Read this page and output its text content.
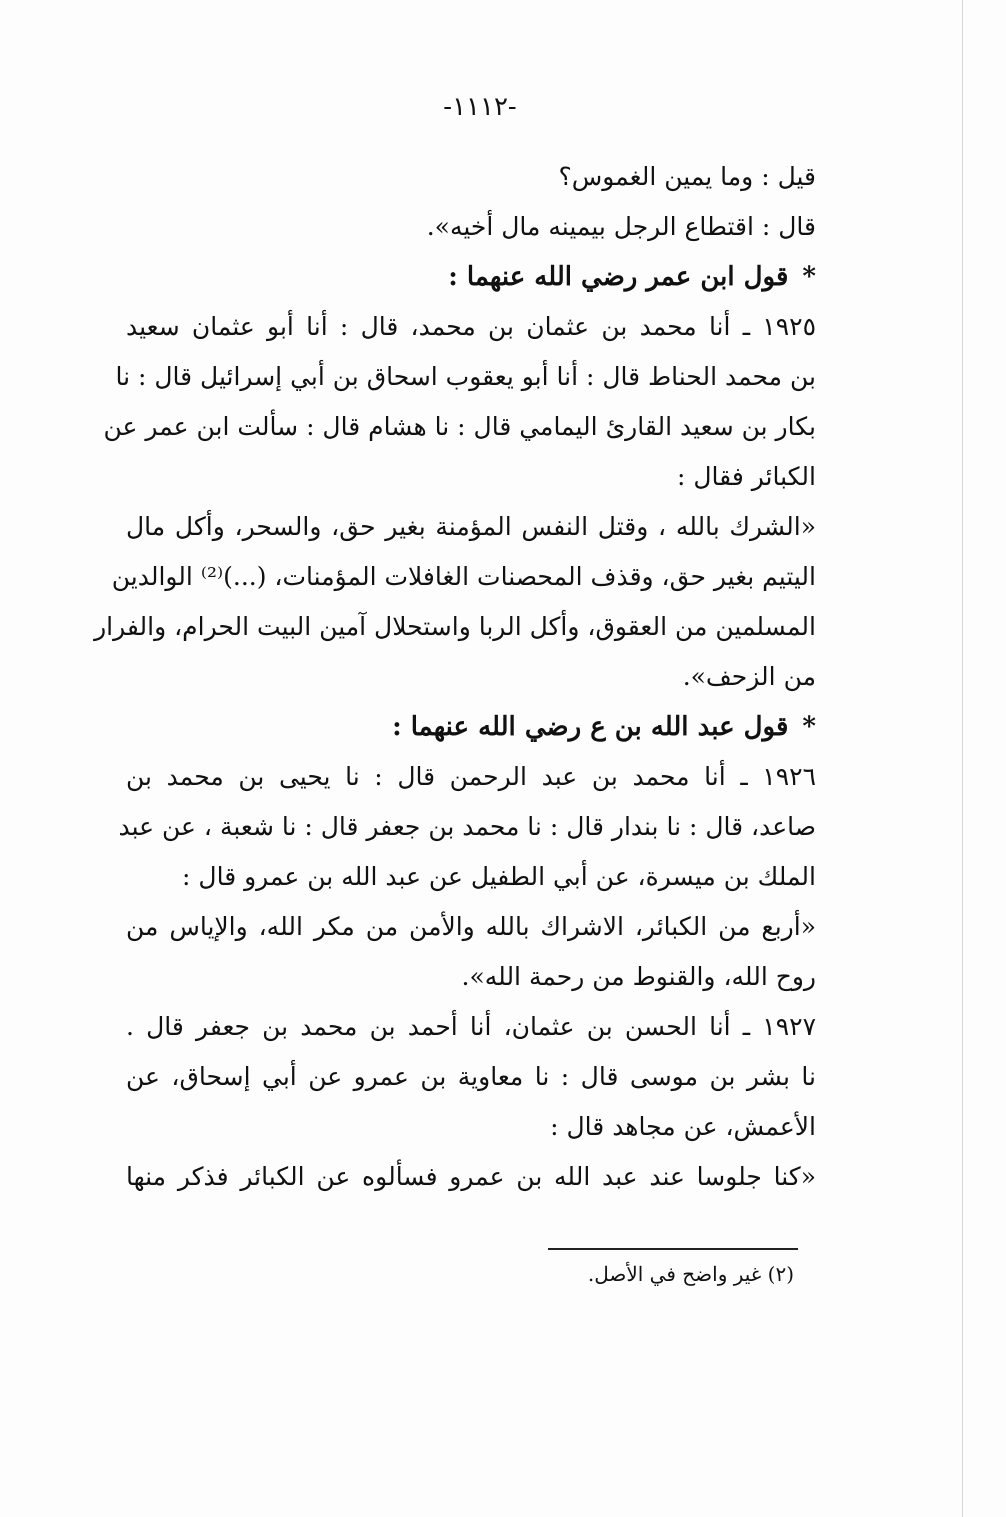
-١١١٢-
قيل : وما يمين الغموس؟
قال : اقتطاع الرجل بيمينه مال أخيه».
*قول ابن عمر رضي الله عنهما :
١٩٢٥ ـ أنا محمد بن عثمان بن محمد، قال : أنا أبو عثمان سعيد
بن محمد الحناط قال : أنا أبو يعقوب اسحاق بن أبي إسرائيل قال : نا
بكار بن سعيد القارئ اليمامي قال : نا هشام قال : سألت ابن عمر عن
الكبائر فقال :
«الشرك بالله ، وقتل النفس المؤمنة بغير حق، والسحر، وأكل مال
اليتيم بغير حق، وقذف المحصنات الغافلات المؤمنات، (...)⁽²⁾ الوالدين
المسلمين من العقوق، وأكل الربا واستحلال آمين البيت الحرام، والفرار
من الزحف».
*قول عبد الله بن ع رضي الله عنهما :
١٩٢٦ ـ أنا محمد بن عبد الرحمن قال : نا يحيى بن محمد بن
صاعد، قال : نا بندار قال : نا محمد بن جعفر قال : نا شعبة ، عن عبد
الملك بن ميسرة، عن أبي الطفيل عن عبد الله بن عمرو قال :
«أربع من الكبائر، الاشراك بالله والأمن من مكر الله، والإياس من
روح الله، والقنوط من رحمة الله».
١٩٢٧ ـ أنا الحسن بن عثمان، أنا أحمد بن محمد بن جعفر قال .
نا بشر بن موسى قال : نا معاوية بن عمرو عن أبي إسحاق، عن
الأعمش، عن مجاهد قال :
«كنا جلوسا عند عبد الله بن عمرو فسألوه عن الكبائر فذكر منها
(٢) غير واضح في الأصل.
